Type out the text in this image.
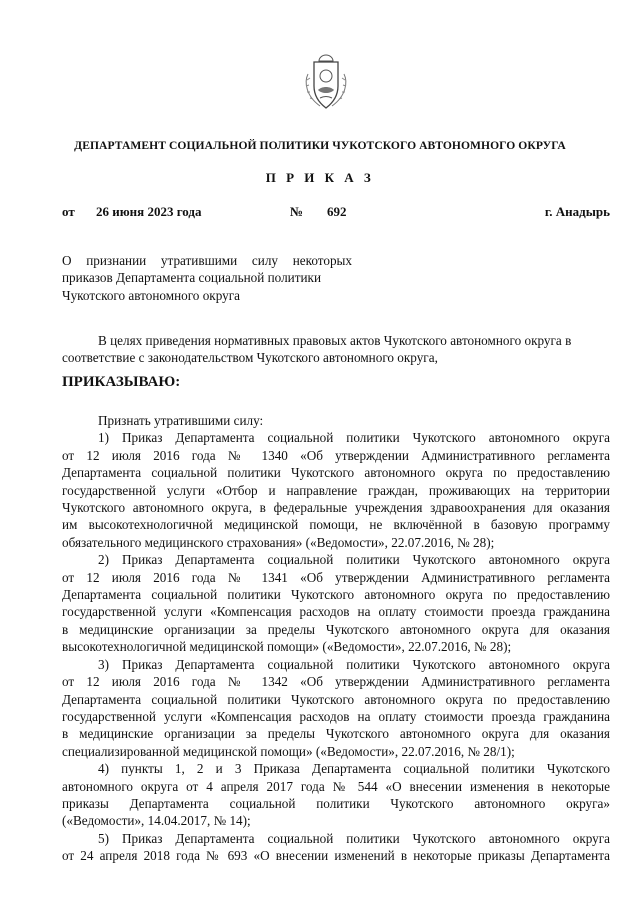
ДЕПАРТАМЕНТ СОЦИАЛЬНОЙ ПОЛИТИКИ ЧУКОТСКОГО АВТОНОМНОГО ОКРУГА
П Р И К А З
от 26 июня 2023 года	№ 692	г. Анадырь
О признании утратившими силу некоторых
приказов Департамента социальной политики
Чукотского автономного округа
В целях приведения нормативных правовых актов Чукотского автономного округа в
соответствие с законодательством Чукотского автономного округа,
ПРИКАЗЫВАЮ:
Признать утратившими силу:
1) Приказ Департамента социальной политики Чукотского автономного округа
от 12 июля 2016 года № 1340 «Об утверждении Административного регламента
Департамента социальной политики Чукотского автономного округа по предоставлению
государственной услуги «Отбор и направление граждан, проживающих на территории
Чукотского автономного округа, в федеральные учреждения здравоохранения для оказания
им высокотехнологичной медицинской помощи, не включённой в базовую программу
обязательного медицинского страхования» («Ведомости», 22.07.2016, № 28);
2) Приказ Департамента социальной политики Чукотского автономного округа
от 12 июля 2016 года № 1341 «Об утверждении Административного регламента
Департамента социальной политики Чукотского автономного округа по предоставлению
государственной услуги «Компенсация расходов на оплату стоимости проезда гражданина
в медицинские организации за пределы Чукотского автономного округа для оказания
высокотехнологичной медицинской помощи» («Ведомости», 22.07.2016, № 28);
3) Приказ Департамента социальной политики Чукотского автономного округа
от 12 июля 2016 года № 1342 «Об утверждении Административного регламента
Департамента социальной политики Чукотского автономного округа по предоставлению
государственной услуги «Компенсация расходов на оплату стоимости проезда гражданина
в медицинские организации за пределы Чукотского автономного округа для оказания
специализированной медицинской помощи» («Ведомости», 22.07.2016, № 28/1);
4) пункты 1, 2 и 3 Приказа Департамента социальной политики Чукотского
автономного округа от 4 апреля 2017 года № 544 «О внесении изменения в некоторые
приказы Департамента социальной политики Чукотского автономного округа»
(«Ведомости», 14.04.2017, № 14);
5) Приказ Департамента социальной политики Чукотского автономного округа
от 24 апреля 2018 года № 693 «О внесении изменений в некоторые приказы Департамента
